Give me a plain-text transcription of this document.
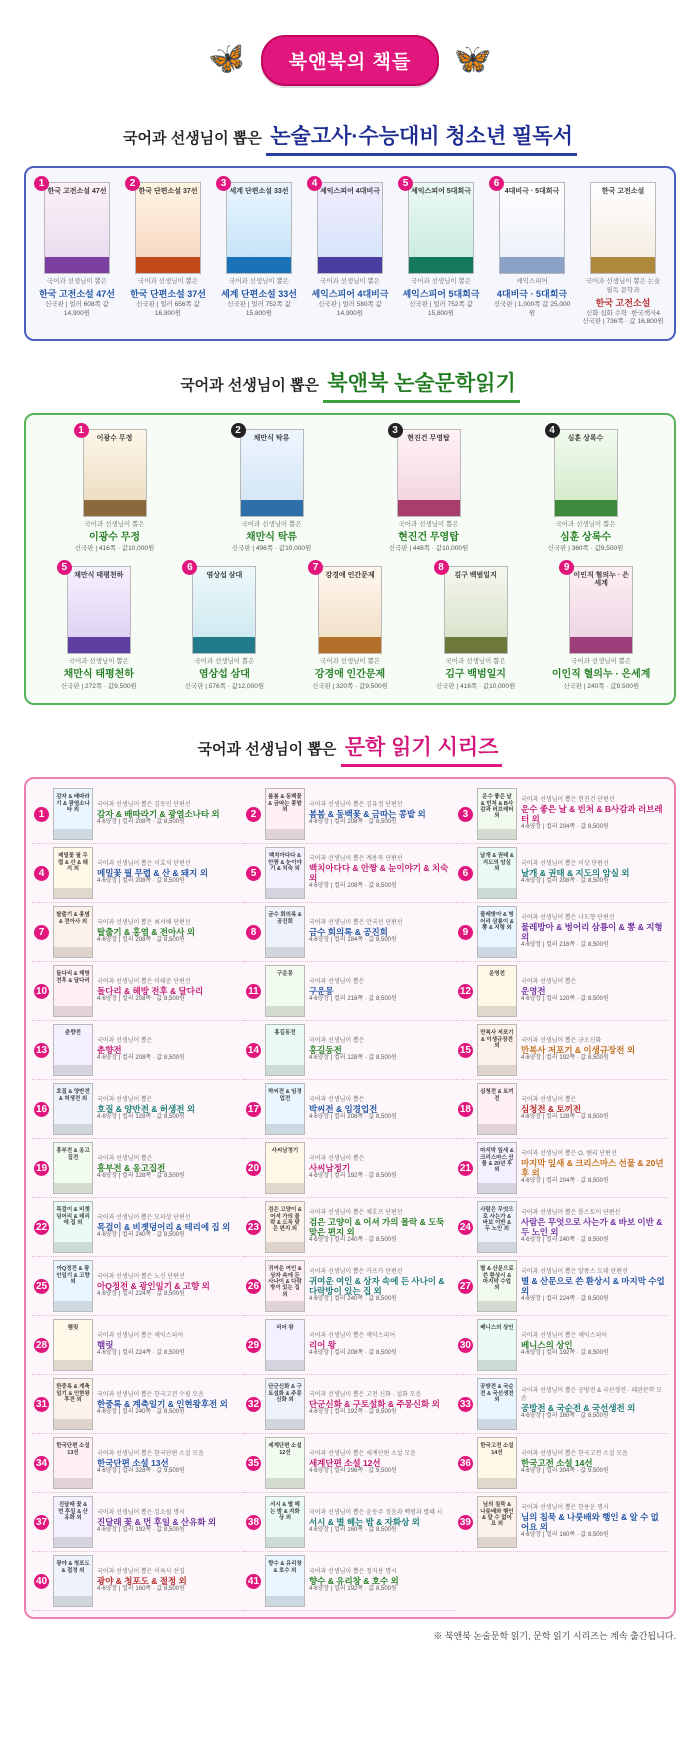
🦋	북앤북의 책들	🦋
국어과 선생님이 뽑은 논술고사·수능대비 청소년 필독서
1
한국 고전소설 47선
국어과 선생님이 뽑은
한국 고전소설 47선
신국판 | 얼러 608쪽 값 14,900원
2
한국 단편소설 37선
국어과 선생님이 뽑은
한국 단편소설 37선
신국판 | 얼러 656쪽 값 16,800원
3
세계 단편소설 33선
국어과 선생님이 뽑은
세계 단편소설 33선
신국판 | 얼러 752쪽 값 15,800원
4
셰익스피어 4대비극
국어과 선생님이 뽑은
셰익스피어 4대비극
신국판 | 얼러 580쪽 값 14,900원
5
셰익스피어 5대희극
국어과 선생님이 뽑은
셰익스피어 5대희극
신국판 | 얼러 752쪽 값 15,800원
6
4대비극 · 5대희극
셰익스피어
4대비극 · 5대희극
신국판 | 1,000쪽 값 25,000원
한국 고전소설
국어과 선생님이 뽑은 논술 필독 문학과
한국 고전소설
신화 십화 수학 ·한국책사4 신국판 | 736쪽 · 값 16,800원
국어과 선생님이 뽑은 북앤북 논술문학읽기
1
이광수 무정
국어과 선생님이 뽑은
이광수 무정
신국판 | 416쪽 · 값10,000원
2
채만식 탁류
국어과 선생님이 뽑은
채만식 탁류
신국판 | 496쪽 · 값10,000원
3
현진건 무영탑
국어과 선생님이 뽑은
현진건 무영탑
신국판 | 448쪽 · 값10,000원
4
심훈 상록수
국어과 선생님이 뽑은
심훈 상록수
신국판 | 360쪽 · 값9,500원
5
채만식 태평천하
국어과 선생님이 뽑은
채만식 태평천하
신국판 | 272쪽 · 값9,500원
6
염상섭 삼대
국어과 선생님이 뽑은
염상섭 삼대
신국판 | 576쪽 · 값12,000원
7
강경애 인간문제
국어과 선생님이 뽑은
강경애 인간문제
신국판 | 320쪽 · 값9,500원
8
김구 백범일지
국어과 선생님이 뽑은
김구 백범일지
신국판 | 416쪽 · 값10,000원
9
이인직 혈의누 · 은세계
국어과 선생님이 뽑은
이인직 혈의누 · 은세계
신국판 | 240쪽 · 값9,500원
국어과 선생님이 뽑은 문학 읽기 시리즈
1
감자 & 배따라기 & 광염소나타 외
국어과 선생님이 뽑은 김동인 단편선
감자 & 배따라기 & 광염소나타 외
4·6양장 | 컬러 208쪽 · 값 8,500원
2
봄봄 & 동백꽃 & 금따는 콩밭 외
국어과 선생님이 뽑은 김유정 단편선
봄봄 & 동백꽃 & 금따는 콩밭 외
4·6양장 | 컬러 208쪽 · 값 8,500원
3
운수 좋은 날 & 빈처 & B사감과 러브레터 외
국어과 선생님이 뽑은 현진건 단편선
운수 좋은 날 & 빈처 & B사감과 러브레터 외
4·6양장 | 컬러 204쪽 · 값 8,500원
4
메밀꽃 필 무렵 & 산 & 돼지 외
국어과 선생님이 뽑은 이효석 단편선
메밀꽃 필 무렵 & 산 & 돼지 외
4·6양장 | 컬러 208쪽 · 값 8,500원
5
백치아다다 & 안짱 & 눈이야기 & 치숙 외
국어과 선생님이 뽑은 계용묵 단편선
백치아다다 & 안짱 & 눈이야기 & 치숙 외
4·6양장 | 컬러 208쪽 · 값 8,500원
6
날개 & 권태 & 지도의 암실 외
국어과 선생님이 뽑은 이상 단편선
날개 & 권태 & 지도의 암실 외
4·6양장 | 컬러 208쪽 · 값 8,500원
7
탈출기 & 홍염 & 전아사 외	국어과 선생님이 뽑은 최서해 단편선
탈출기 & 홍염 & 전아사 외
4·6양장 | 컬러 208쪽 · 값 8,500원
8
금수 회의록 & 공진회	국어과 선생님이 뽑은 안국선 단편선
금수 회의록 & 공진회
4·6양장 | 컬러 184쪽 · 값 8,500원
9
물레방아 & 벙어리 삼룡이 & 뽕 & 지형 외
국어과 선생님이 뽑은 나도향 단편선
물레방아 & 벙어리 삼룡이 & 뽕 & 지형 외
4·6양장 | 컬러 216쪽 · 값 8,500원
10
돌다리 & 해방 전후 & 달다리	국어과 선생님이 뽑은 이태준 단편선
돌다리 & 해방 전후 & 달다리
4·6양장 | 컬러 208쪽 · 값 8,500원
11
구운몽
국어과 선생님이 뽑은
구운몽
4·6양장 | 컬러 216쪽 · 값 8,500원
12
운영전
국어과 선생님이 뽑은
운영전
4·6양장 | 컬러 120쪽 · 값 8,500원
13
춘향전
국어과 선생님이 뽑은
춘향전
4·6양장 | 컬러 208쪽 · 값 8,500원
14
홍길동전
국어과 선생님이 뽑은
홍길동전
4·6양장 | 컬러 128쪽 · 값 8,500원
15
만복사 저포기 & 이생규장전 외
국어과 선생님이 뽑은 금오신화
만복사 저포기 & 이생규장전 외
4·6양장 | 컬러 192쪽 · 값 8,500원
16
호질 & 양반전 & 허생전 외	국어과 선생님이 뽑은
호질 & 양반전 & 허생전 외
4·6양장 | 컬러 128쪽 · 값 8,500원
17
박씨전 & 임경업전	국어과 선생님이 뽑은
박씨전 & 임경업전
4·6양장 | 컬러 208쪽 · 값 8,500원
18
심청전 & 토끼전	국어과 선생님이 뽑은
심청전 & 토끼전
4·6양장 | 컬러 128쪽 · 값 8,500원
19
흥부전 & 옹고집전	국어과 선생님이 뽑은
흥부전 & 옹고집전
4·6양장 | 컬러 128쪽 · 값 8,500원
20
사씨남정기
국어과 선생님이 뽑은
사씨남정기
4·6양장 | 컬러 192쪽 · 값 8,500원
21
마지막 잎새 & 크리스마스 선물 & 20년 후 외
국어과 선생님이 뽑은 O. 헨리 단편선
마지막 잎새 & 크리스마스 선물 & 20년 후 외
4·6양장 | 컬러 204쪽 · 값 8,500원
22
목걸이 & 비곗덩어리 & 테리에 집 외
국어과 선생님이 뽑은 모파상 단편선
목걸이 & 비곗덩어리 & 테리에 집 외
4·6양장 | 컬러 240쪽 · 값 8,500원
23
검은 고양이 & 어셔 가의 몰락 & 도둑 맞은 편지 외
국어과 선생님이 뽑은 체호프 단편선
검은 고양이 & 어셔 가의 몰락 & 도둑 맞은 편지 외
4·6양장 | 컬러 240쪽 · 값 8,500원
24
사람은 무엇으로 사는가 & 바보 이반 & 두 노인 외
국어과 선생님이 뽑은 톨스토이 단편선
사람은 무엇으로 사는가 & 바보 이반 & 두 노인 외
4·6양장 | 컬러 240쪽 · 값 8,500원
25
아Q정전 & 광인일기 & 고향 외
국어과 선생님이 뽑은 노신 단편선
아Q정전 & 광인일기 & 고향 외
4·6양장 | 컬러 224쪽 · 값 8,500원
26
귀여운 여인 & 상자 속에 든 사나이 & 다락방이 있는 집 외
국어과 선생님이 뽑은 카프카 단편선
귀여운 여인 & 상자 속에 든 사나이 & 다락방이 있는 집 외
4·6양장 | 컬러 240쪽 · 값 8,500원
27
별 & 산문으로 쓴 환상시 & 마지막 수업 외
국어과 선생님이 뽑은 알퐁스 도데 단편선
별 & 산문으로 쓴 환상시 & 마지막 수업 외
4·6양장 | 컬러 224쪽 · 값 8,500원
28
햄릿
국어과 선생님이 뽑은 셰익스피어
햄릿
4·6양장 | 컬러 224쪽 · 값 8,500원
29
리어 왕
국어과 선생님이 뽑은 셰익스피어
리어 왕
4·6양장 | 컬러 208쪽 · 값 8,500원
30
베니스의 상인
국어과 선생님이 뽑은 셰익스피어
베니스의 상인
4·6양장 | 컬러 192쪽 · 값 8,500원
31
한중록 & 계축일기 & 인현왕후전 외
국어과 선생님이 뽑은 한국고전 수필 모음
한중록 & 계축일기 & 인현왕후전 외
4·6양장 | 컬러 240쪽 · 값 8,500원
32
단군신화 & 구토설화 & 주몽신화 외
국어과 선생님이 뽑은 고전 신화 · 설화 모음
단군신화 & 구토설화 & 주몽신화 외
4·6양장 | 컬러 192쪽 · 값 8,500원
33
공방전 & 국순전 & 국선생전 외
국어과 선생님이 뽑은 공방전 & 국선생전 · 패관문학 모음
공방전 & 국순전 & 국선생전 외
4·6양장 | 컬러 160쪽 · 값 8,500원
34
한국단편 소설 13선	국어과 선생님이 뽑은 한국단편 소설 모음
한국단편 소설 13선
4·6양장 | 얼러 328쪽 · 값 9,500원
35
세계단편 소설 12선	국어과 선생님이 뽑은 세계단편 소설 모음
세계단편 소설 12선
4·6양장 | 얼러 296쪽 · 값 9,500원
36
한국고전 소설 14선	국어과 선생님이 뽑은 한국고전 소설 모음
한국고전 소설 14선
4·6양장 | 얼러 304쪽 · 값 9,500원
37
진달래 꽃 & 먼 후일 & 산유화 외
국어과 선생님이 뽑은 김소월 명시
진달래 꽃 & 먼 후일 & 산유화 외
4·6양장 | 얼러 192쪽 · 값 8,500원
38
서시 & 별 헤는 밤 & 자화상 외
국어과 선생님이 뽑은 윤동주 정음과 백범과 별혜 시
서시 & 별 헤는 밤 & 자화상 외
4·6양장 | 얼러 160쪽 · 값 8,500원
39
님의 침묵 & 나룻배와 행인 & 알 수 없어요 외
국어과 선생님이 뽑은 한용운 명시
님의 침묵 & 나룻배와 행인 & 알 수 없어요 외
4·6양장 | 얼러 160쪽 · 값 8,500원
40
광야 & 청포도 & 절정 외	국어과 선생님이 뽑은 이육사 선집
광야 & 청포도 & 절정 외
4·6양장 | 얼러 160쪽 · 값 8,500원
41
향수 & 유리창 & 호수 외	국어과 선생님이 뽑은 정지용 명시
향수 & 유리창 & 호수 외
4·6양장 | 얼러 192쪽 · 값 8,500원
※ 북앤북 논술문학 읽기, 문학 읽기 시리즈는 계속 출간됩니다.
